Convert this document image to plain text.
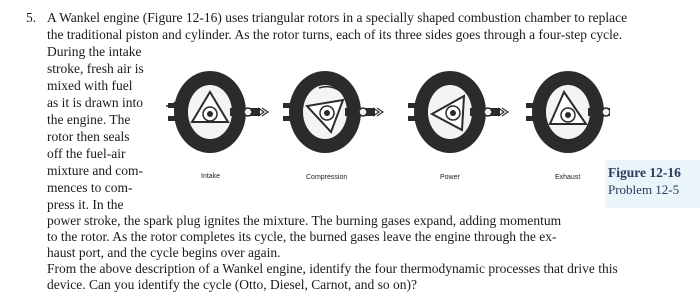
5. A Wankel engine (Figure 12-16) uses triangular rotors in a specially shaped combustion chamber to replace
the traditional piston and cylinder. As the rotor turns, each of its three sides goes through a four-step cycle.
During the intake
stroke, fresh air is
mixed with fuel
as it is drawn into
the engine. The
rotor then seals
off the fuel-air
mixture and com-
mences to com-
press it. In the
power stroke, the spark plug ignites the mixture. The burning gases expand, adding momentum
to the rotor. As the rotor completes its cycle, the burned gases leave the engine through the ex-
haust port, and the cycle begins over again.
From the above description of a Wankel engine, identify the four thermodynamic processes that drive this
device. Can you identify the cycle (Otto, Diesel, Carnot, and so on)?
Intake	Compression	Power	Exhaust Figure 12-16
Problem 12-5
